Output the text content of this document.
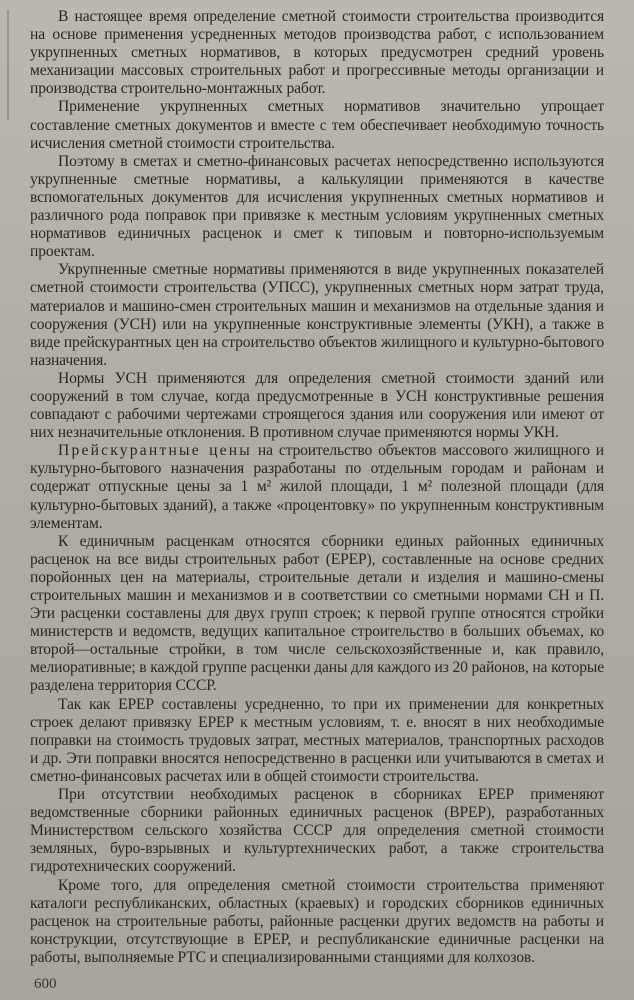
В настоящее время определение сметной стоимости строительства производится на основе применения усредненных методов производства работ, с использованием укрупненных сметных нормативов, в которых предусмотрен средний уровень механизации массовых строительных работ и прогрессивные методы организации и производства строительно-монтажных работ.

Применение укрупненных сметных нормативов значительно упрощает составление сметных документов и вместе с тем обеспечивает необходимую точность исчисления сметной стоимости строительства.

Поэтому в сметах и сметно-финансовых расчетах непосредственно используются укрупненные сметные нормативы, а калькуляции применяются в качестве вспомогательных документов для исчисления укрупненных сметных нормативов и различного рода поправок при привязке к местным условиям укрупненных сметных нормативов единичных расценок и смет к типовым и повторно-используемым проектам.

Укрупненные сметные нормативы применяются в виде укрупненных показателей сметной стоимости строительства (УПСС), укрупненных сметных норм затрат труда, материалов и машино-смен строительных машин и механизмов на отдельные здания и сооружения (УСН) или на укрупненные конструктивные элементы (УКН), а также в виде прейскурантных цен на строительство объектов жилищного и культурно-бытового назначения.

Нормы УСН применяются для определения сметной стоимости зданий или сооружений в том случае, когда предусмотренные в УСН конструктивные решения совпадают с рабочими чертежами строящегося здания или сооружения или имеют от них незначительные отклонения. В противном случае применяются нормы УКН.

Прейскурантные цены на строительство объектов массового жилищного и культурно-бытового назначения разработаны по отдельным городам и районам и содержат отпускные цены за 1 м² жилой площади, 1 м² полезной площади (для культурно-бытовых зданий), а также «процентовку» по укрупненным конструктивным элементам.

К единичным расценкам относятся сборники единых районных единичных расценок на все виды строительных работ (ЕРЕР), составленные на основе средних поройонных цен на материалы, строительные детали и изделия и машино-смены строительных машин и механизмов и в соответствии со сметными нормами СН и П. Эти расценки составлены для двух групп строек; к первой группе относятся стройки министерств и ведомств, ведущих капитальное строительство в больших объемах, ко второй—остальные стройки, в том числе сельскохозяйственные и, как правило, мелиоративные; в каждой группе расценки даны для каждого из 20 районов, на которые разделена территория СССР.

Так как ЕРЕР составлены усредненно, то при их применении для конкретных строек делают привязку ЕРЕР к местным условиям, т. е. вносят в них необходимые поправки на стоимость трудовых затрат, местных материалов, транспортных расходов и др. Эти поправки вносятся непосредственно в расценки или учитываются в сметах и сметно-финансовых расчетах или в общей стоимости строительства.

При отсутствии необходимых расценок в сборниках ЕРЕР применяют ведомственные сборники районных единичных расценок (ВРЕР), разработанных Министерством сельского хозяйства СССР для определения сметной стоимости земляных, буро-взрывных и культуртехнических работ, а также строительства гидротехнических сооружений.

Кроме того, для определения сметной стоимости строительства применяют каталоги республиканских, областных (краевых) и городских сборников единичных расценок на строительные работы, районные расценки других ведомств на работы и конструкции, отсутствующие в ЕРЕР, и республиканские единичные расценки на работы, выполняемые РТС и специализированными станциями для колхозов.

600
